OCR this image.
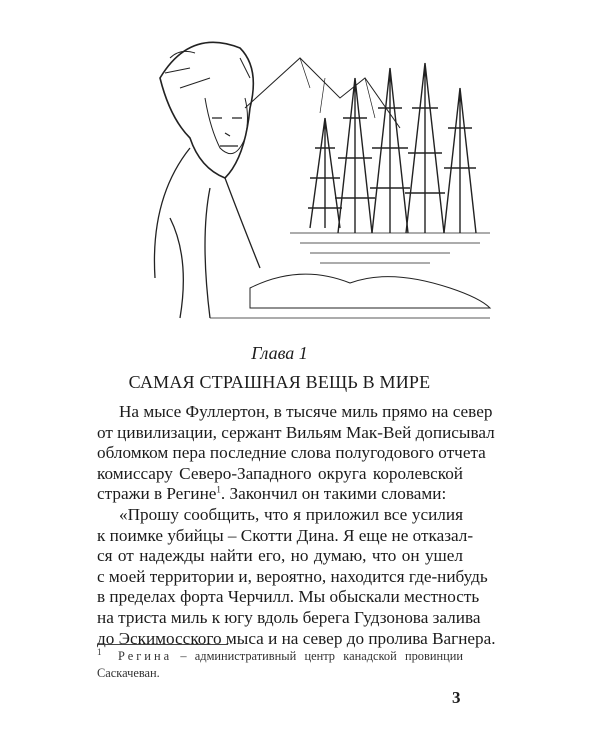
Глава 1
САМАЯ СТРАШНАЯ ВЕЩЬ В МИРЕ
На мысе Фуллертон, в тысяче миль прямо на север
от цивилизации, сержант Вильям Мак-Вей дописывал
обломком пера последние слова полугодового отчета
комиссару Северо-Западного округа королевской
стражи в Регине$^1$. Закончил он такими словами:
«Прошу сообщить, что я приложил все усилия
к поимке убийцы – Скотти Дина. Я еще не отказал-
ся от надежды найти его, но думаю, что он ушел
с моей территории и, вероятно, находится где-нибудь
в пределах форта Черчилл. Мы обыскали местность
на триста миль к югу вдоль берега Гудзонова залива
до Эскимосского мыса и на север до пролива Вагнера.
$^1$ Регина – административный центр канадской провинции
Саскачеван.
3
